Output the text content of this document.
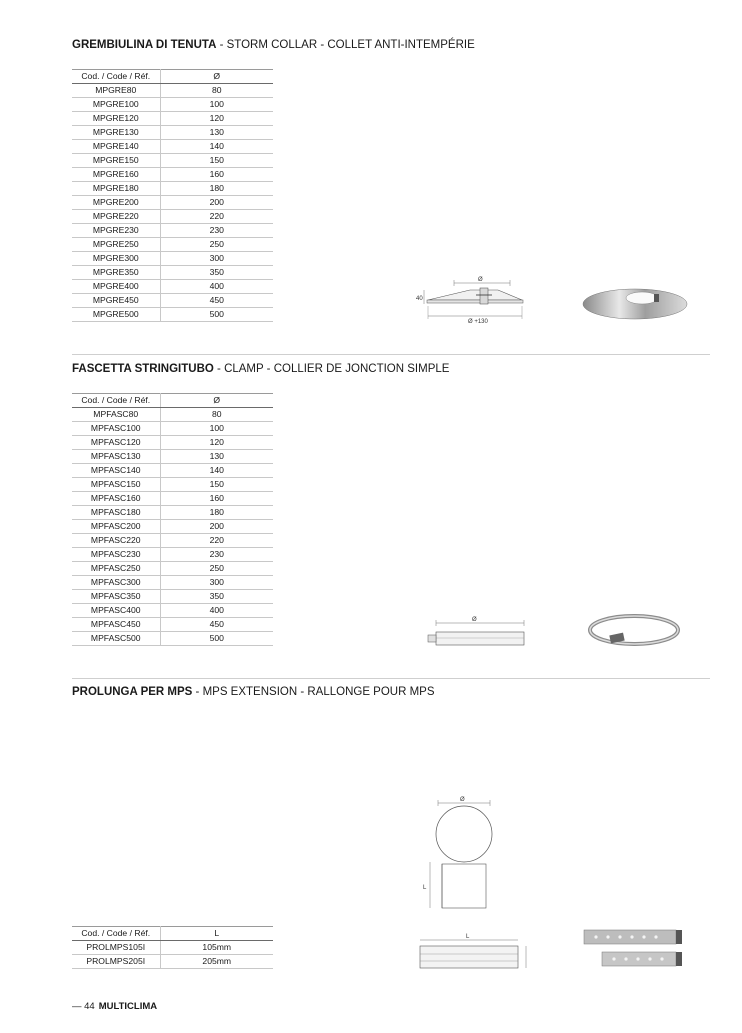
GREMBIULINA DI TENUTA - STORM COLLAR - COLLET ANTI-INTEMPÉRIE
Cod. / Code / Réf.	Ø
MPGRE80	80
MPGRE100	100
MPGRE120	120
MPGRE130	130
MPGRE140	140
MPGRE150	150
MPGRE160	160
MPGRE180	180
MPGRE200	200
MPGRE220	220
MPGRE230	230
MPGRE250	250
MPGRE300	300
MPGRE350	350
MPGRE400	400
MPGRE450	450
MPGRE500	500
Ø
40
Ø +130
FASCETTA STRINGITUBO - CLAMP - COLLIER DE JONCTION SIMPLE
Cod. / Code / Réf.	Ø
MPFASC80	80
MPFASC100	100
MPFASC120	120
MPFASC130	130
MPFASC140	140
MPFASC150	150
MPFASC160	160
MPFASC180	180
MPFASC200	200
MPFASC220	220
MPFASC230	230
MPFASC250	250
MPFASC300	300
MPFASC350	350
MPFASC400	400
MPFASC450	450
MPFASC500	500
Ø
PROLUNGA PER MPS - MPS EXTENSION - RALLONGE POUR MPS
Ø
L
L
Cod. / Code / Réf.	L
PROLMPS105I	105mm
PROLMPS205I	205mm
— 44 MULTICLIMA
